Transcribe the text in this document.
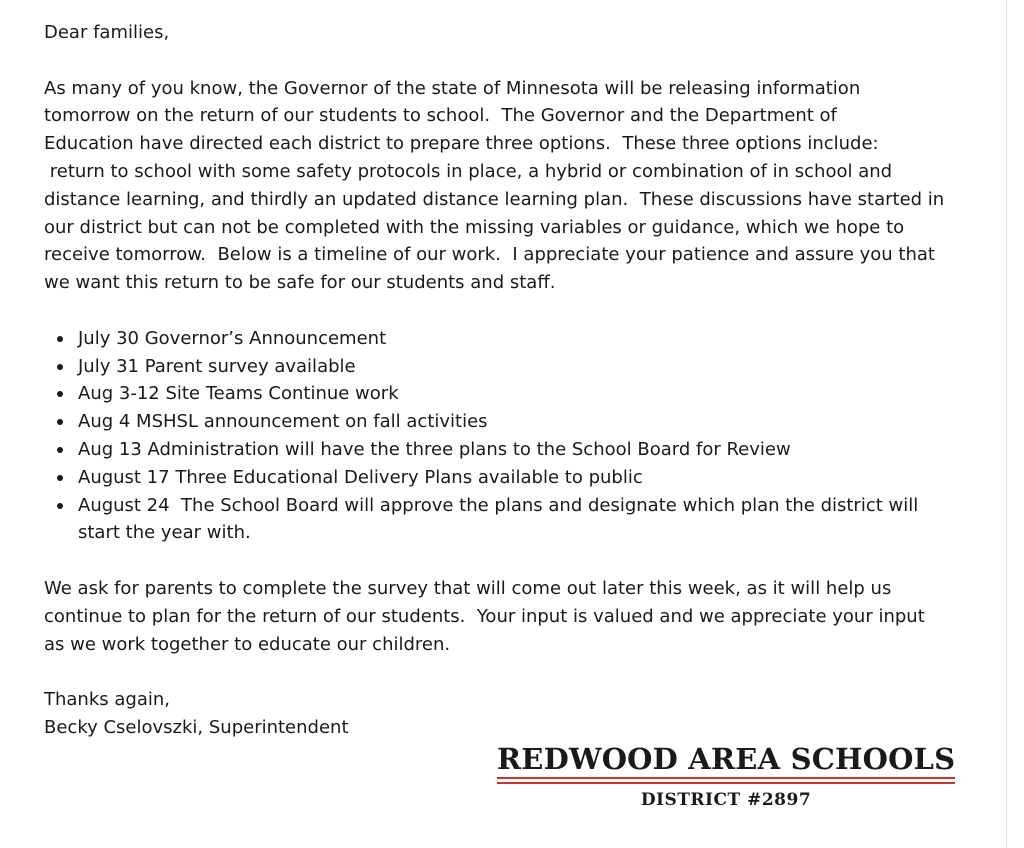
Dear families,

As many of you know, the Governor of the state of Minnesota will be releasing information

tomorrow on the return of our students to school.  The Governor and the Department of

Education have directed each district to prepare three options.  These three options include:

return to school with some safety protocols in place, a hybrid or combination of in school and

distance learning, and thirdly an updated distance learning plan.  These discussions have started in

our district but can not be completed with the missing variables or guidance, which we hope to

receive tomorrow.  Below is a timeline of our work.  I appreciate your patience and assure you that

we want this return to be safe for our students and staff.

July 30 Governor’s Announcement
July 31 Parent survey available
Aug 3-12 Site Teams Continue work
Aug 4 MSHSL announcement on fall activities
Aug 13 Administration will have the three plans to the School Board for Review
August 17 Three Educational Delivery Plans available to public
August 24  The School Board will approve the plans and designate which plan the district will
start the year with.

We ask for parents to complete the survey that will come out later this week, as it will help us

continue to plan for the return of our students.  Your input is valued and we appreciate your input

as we work together to educate our children.

Thanks again,

Becky Cselovszki, Superintendent

REDWOOD AREA SCHOOLS
DISTRICT #2897
